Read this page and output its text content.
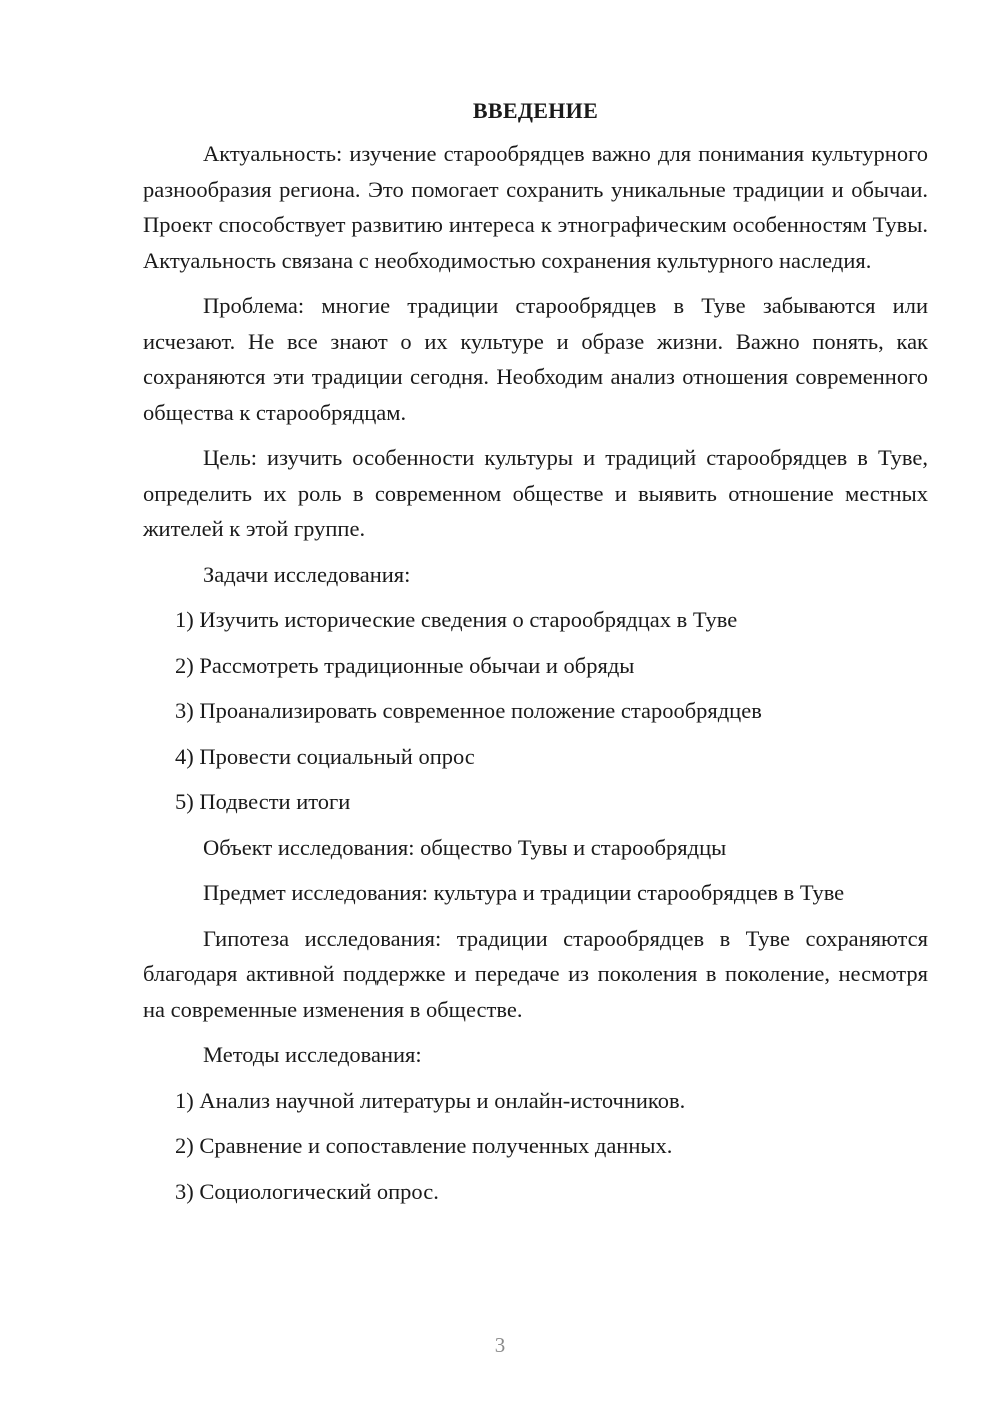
ВВЕДЕНИЕ

Актуальность: изучение старообрядцев важно для понимания культурного разнообразия региона. Это помогает сохранить уникальные традиции и обычаи. Проект способствует развитию интереса к этнографическим особенностям Тувы. Актуальность связана с необходимостью сохранения культурного наследия.

Проблема: многие традиции старообрядцев в Туве забываются или исчезают. Не все знают о их культуре и образе жизни. Важно понять, как сохраняются эти традиции сегодня. Необходим анализ отношения современного общества к старообрядцам.

Цель: изучить особенности культуры и традиций старообрядцев в Туве, определить их роль в современном обществе и выявить отношение местных жителей к этой группе.

Задачи исследования:
1) Изучить исторические сведения о старообрядцах в Туве
2) Рассмотреть традиционные обычаи и обряды
3) Проанализировать современное положение старообрядцев
4) Провести социальный опрос
5) Подвести итоги
Объект исследования: общество Тувы и старообрядцы
Предмет исследования: культура и традиции старообрядцев в Туве

Гипотеза исследования: традиции старообрядцев в Туве сохраняются благодаря активной поддержке и передаче из поколения в поколение, несмотря на современные изменения в обществе.

Методы исследования:
1) Анализ научной литературы и онлайн-источников.
2) Сравнение и сопоставление полученных данных.
3) Социологический опрос.
3
